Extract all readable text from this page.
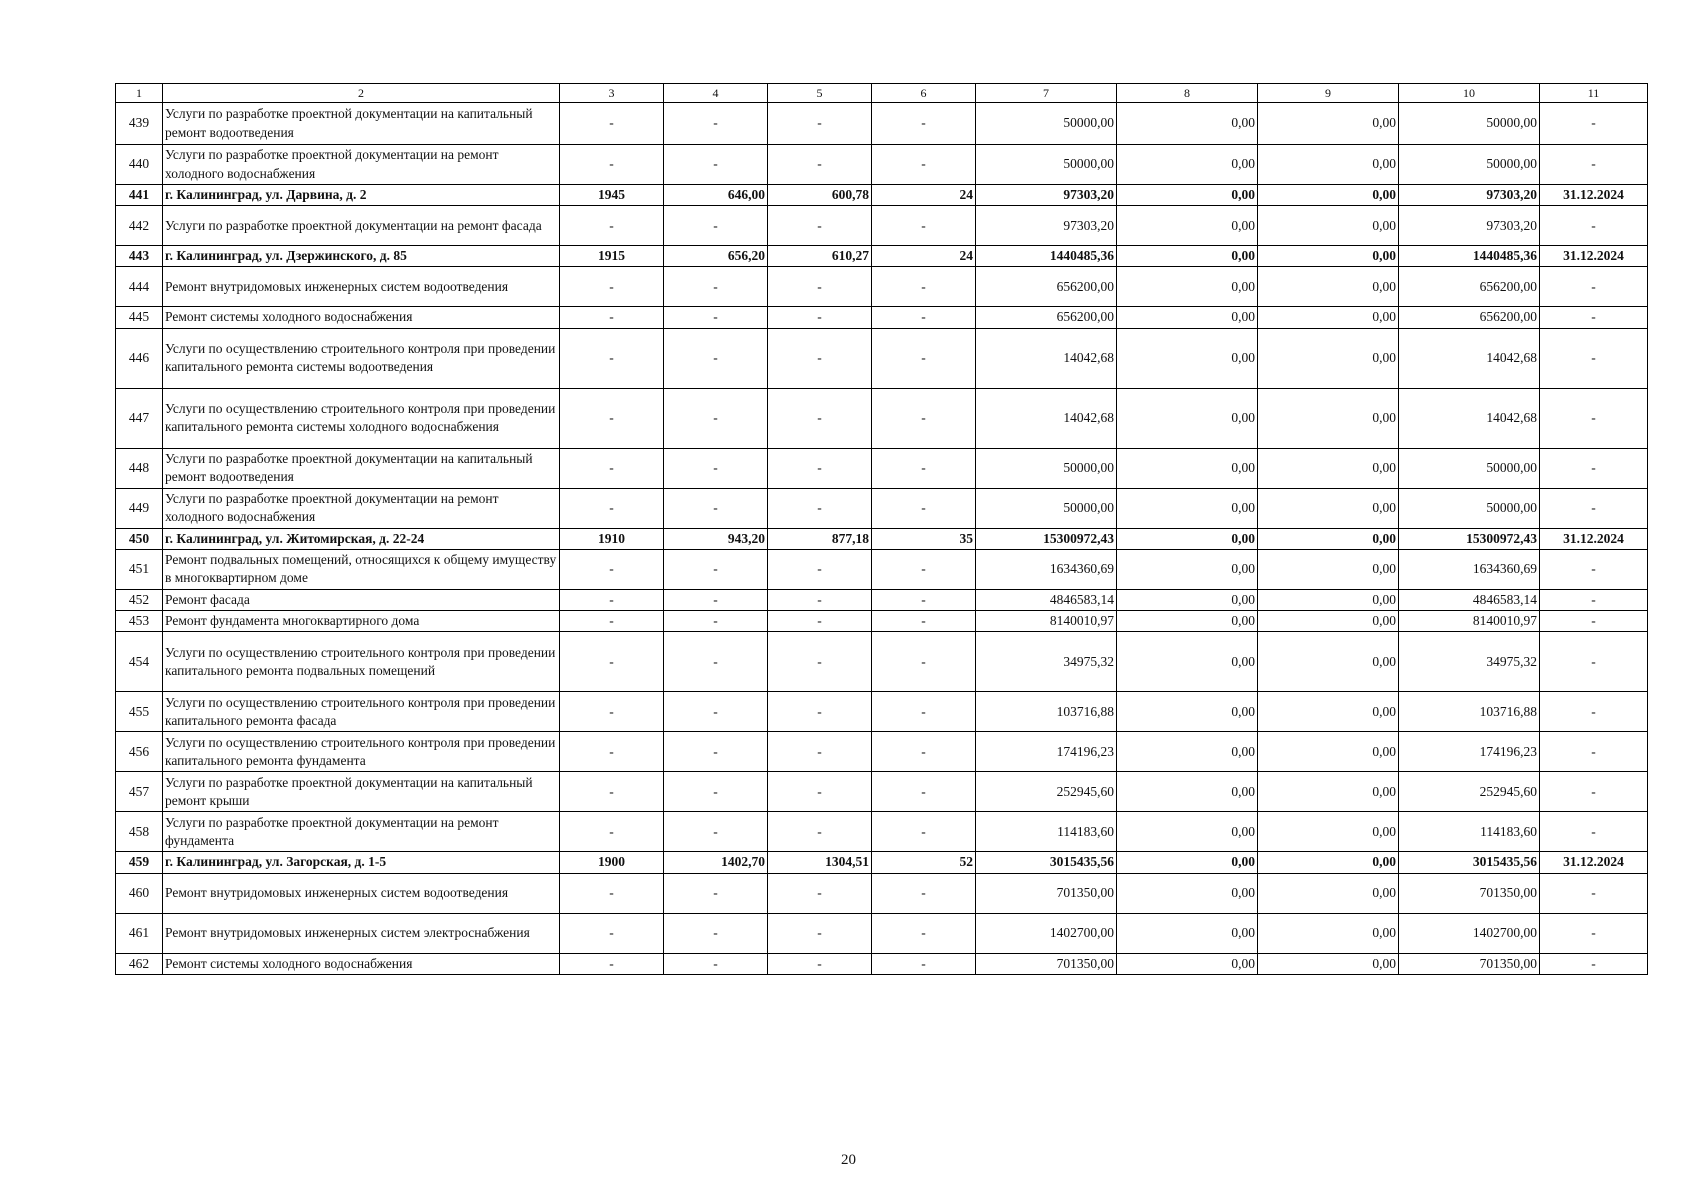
1	2	3	4	5	6	7	8	9	10	11
439	Услуги по разработке проектной документации на капитальный ремонт водоотведения	-	-	-	-	50000,00	0,00	0,00	50000,00	-
440	Услуги по разработке проектной документации на ремонт холодного водоснабжения	-	-	-	-	50000,00	0,00	0,00	50000,00	-
441	г. Калининград, ул. Дарвина, д. 2	1945	646,00	600,78	24	97303,20	0,00	0,00	97303,20	31.12.2024
442	Услуги по разработке проектной документации на ремонт фасада	-	-	-	-	97303,20	0,00	0,00	97303,20	-
443	г. Калининград, ул. Дзержинского, д. 85	1915	656,20	610,27	24	1440485,36	0,00	0,00	1440485,36	31.12.2024
444	Ремонт внутридомовых инженерных систем водоотведения	-	-	-	-	656200,00	0,00	0,00	656200,00	-
445	Ремонт системы холодного водоснабжения	-	-	-	-	656200,00	0,00	0,00	656200,00	-
446	Услуги по осуществлению строительного контроля при проведении капитального ремонта системы водоотведения	-	-	-	-	14042,68	0,00	0,00	14042,68	-
447	Услуги по осуществлению строительного контроля при проведении капитального ремонта системы холодного водоснабжения	-	-	-	-	14042,68	0,00	0,00	14042,68	-
448	Услуги по разработке проектной документации на капитальный ремонт водоотведения	-	-	-	-	50000,00	0,00	0,00	50000,00	-
449	Услуги по разработке проектной документации на ремонт холодного водоснабжения	-	-	-	-	50000,00	0,00	0,00	50000,00	-
450	г. Калининград, ул. Житомирская, д. 22-24	1910	943,20	877,18	35	15300972,43	0,00	0,00	15300972,43	31.12.2024
451	Ремонт подвальных помещений, относящихся к общему имуществу в многоквартирном доме	-	-	-	-	1634360,69	0,00	0,00	1634360,69	-
452	Ремонт фасада	-	-	-	-	4846583,14	0,00	0,00	4846583,14	-
453	Ремонт фундамента многоквартирного дома	-	-	-	-	8140010,97	0,00	0,00	8140010,97	-
454	Услуги по осуществлению строительного контроля при проведении капитального ремонта подвальных помещений	-	-	-	-	34975,32	0,00	0,00	34975,32	-
455	Услуги по осуществлению строительного контроля при проведении капитального ремонта фасада	-	-	-	-	103716,88	0,00	0,00	103716,88	-
456	Услуги по осуществлению строительного контроля при проведении капитального ремонта фундамента	-	-	-	-	174196,23	0,00	0,00	174196,23	-
457	Услуги по разработке проектной документации на капитальный ремонт крыши	-	-	-	-	252945,60	0,00	0,00	252945,60	-
458	Услуги по разработке проектной документации на ремонт фундамента	-	-	-	-	114183,60	0,00	0,00	114183,60	-
459	г. Калининград, ул. Загорская, д. 1-5	1900	1402,70	1304,51	52	3015435,56	0,00	0,00	3015435,56	31.12.2024
460	Ремонт внутридомовых инженерных систем водоотведения	-	-	-	-	701350,00	0,00	0,00	701350,00	-
461	Ремонт внутридомовых инженерных систем электроснабжения	-	-	-	-	1402700,00	0,00	0,00	1402700,00	-
462	Ремонт системы холодного водоснабжения	-	-	-	-	701350,00	0,00	0,00	701350,00	-
20
